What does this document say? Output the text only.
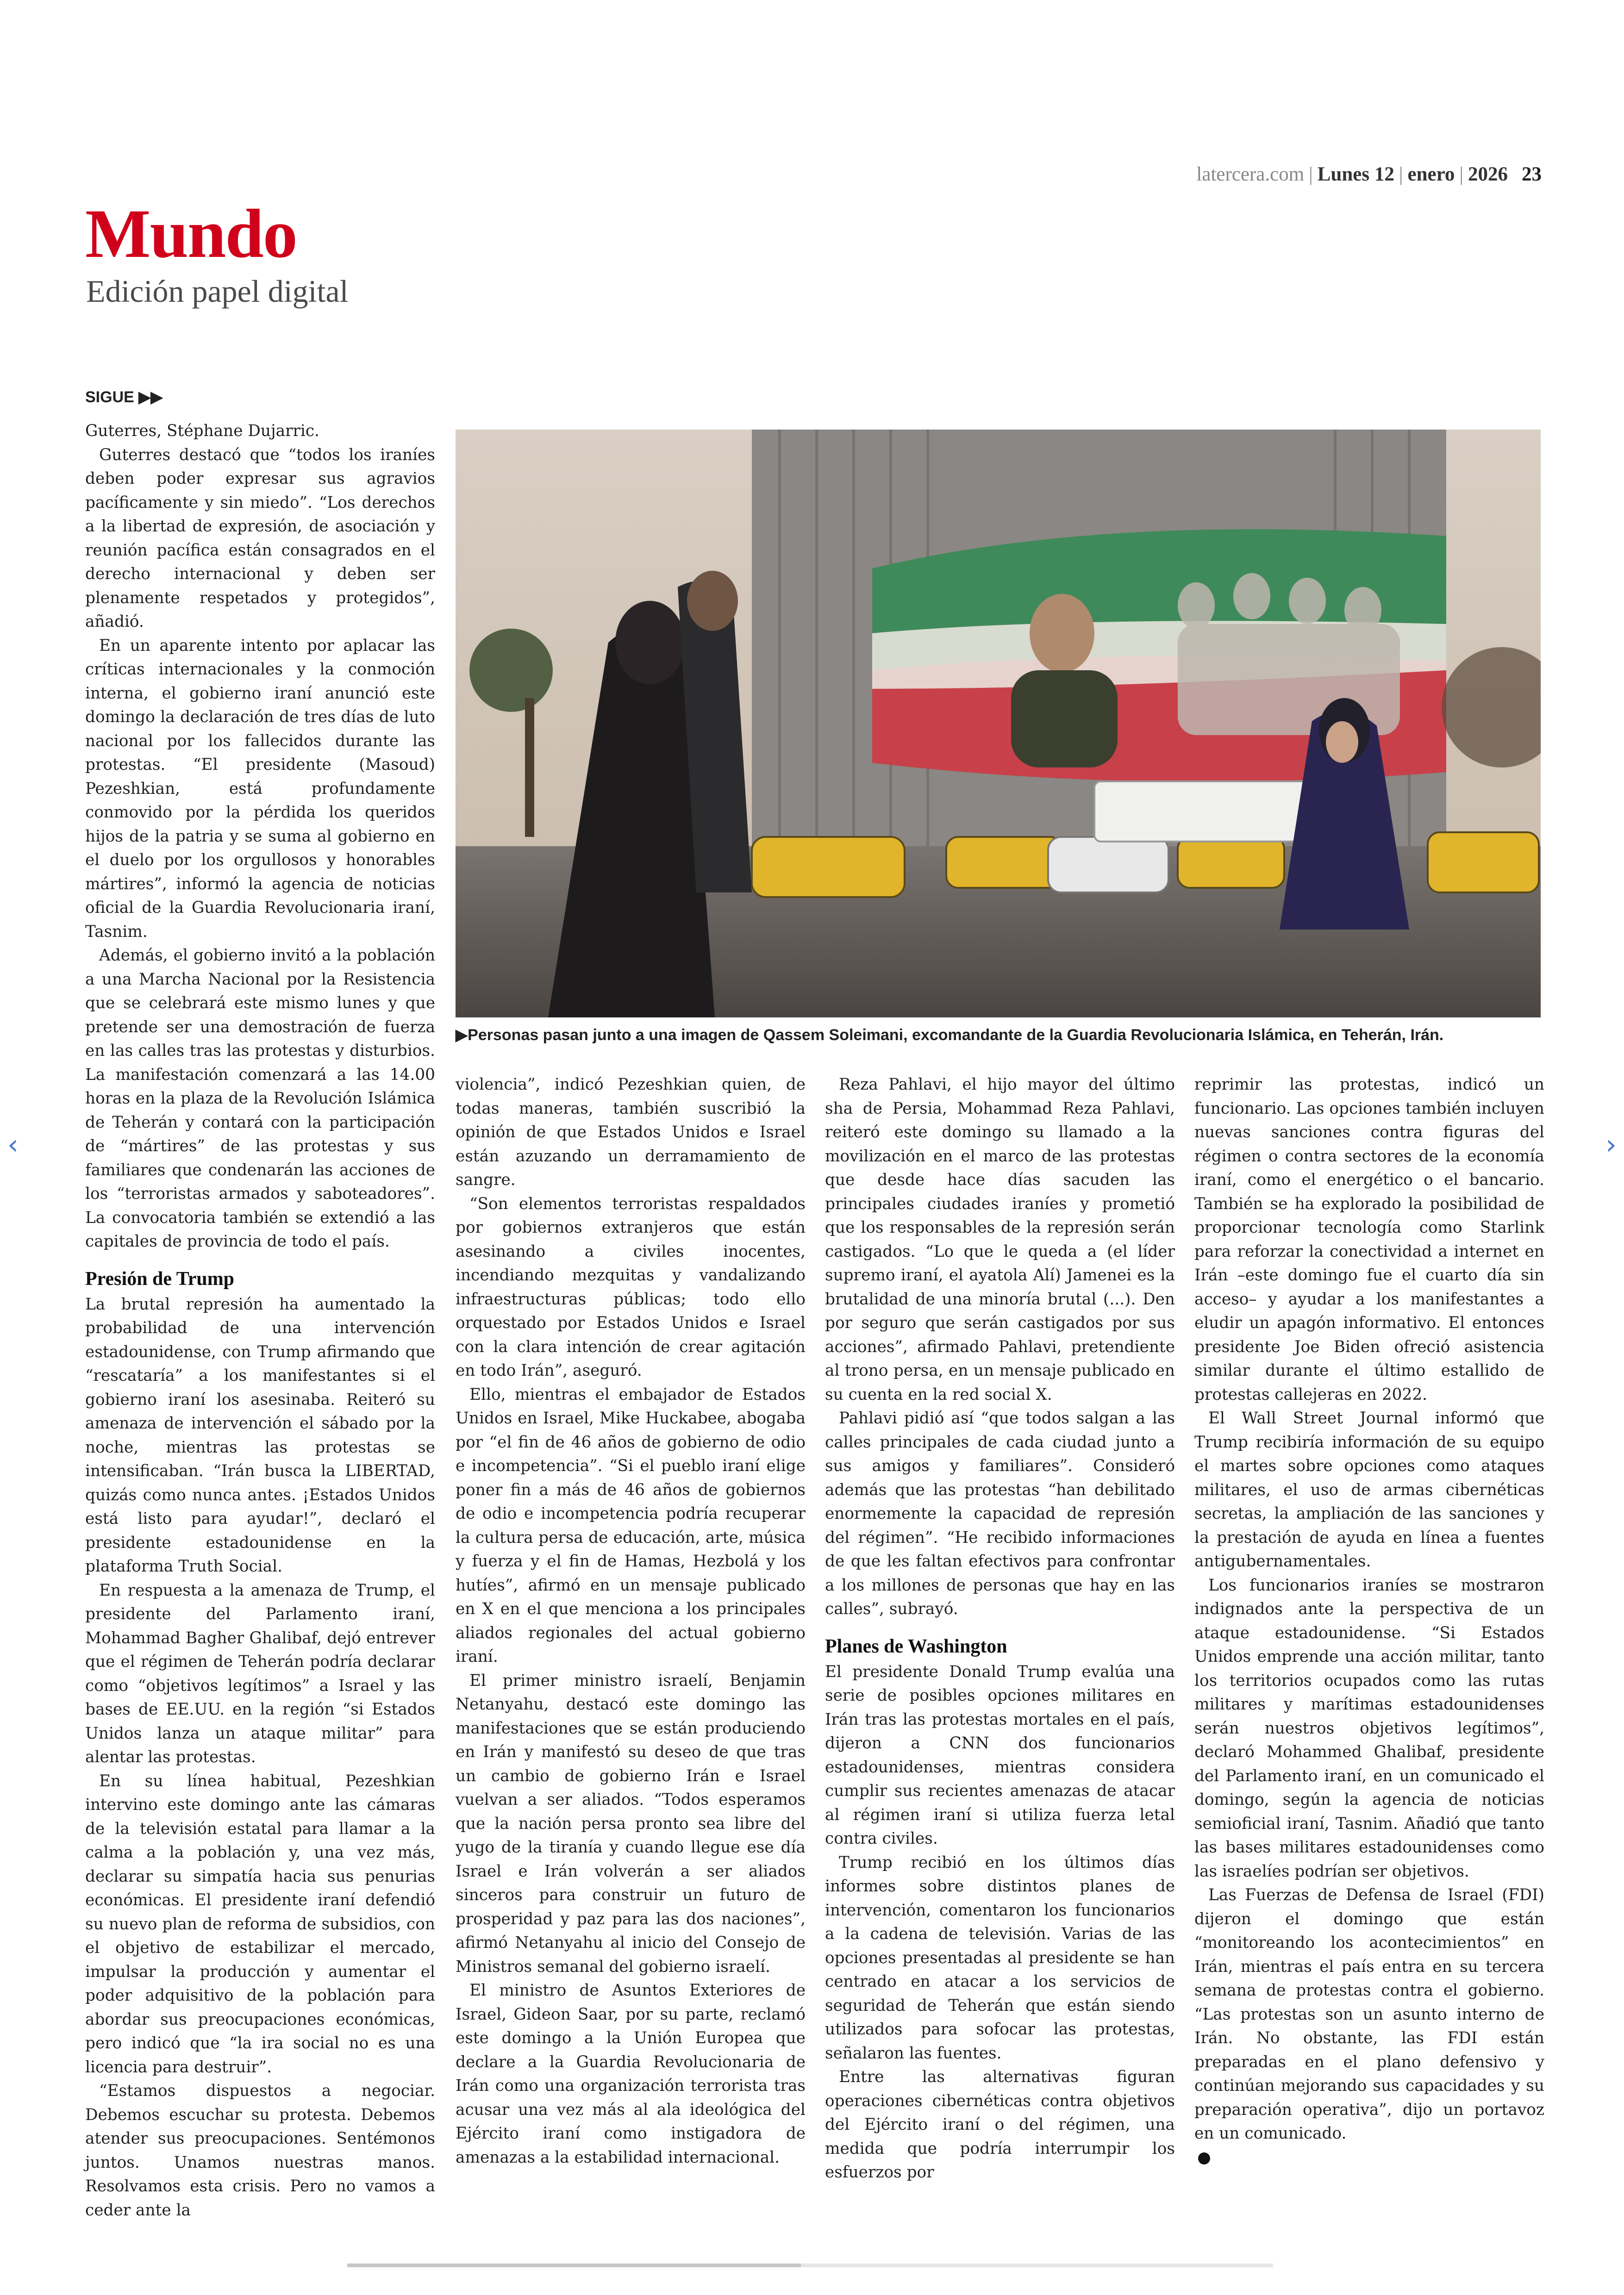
latercera.com | Lunes 12 | enero | 2026 23
Mundo
Edición papel digital
SIGUE ▶▶

Guterres, Stéphane Dujarric.

Guterres destacó que “todos los iraníes deben poder expresar sus agravios pacíficamente y sin miedo”. “Los derechos a la libertad de expresión, de asociación y reunión pacífica están consagrados en el derecho internacional y deben ser plenamente respetados y protegidos”, añadió.

En un aparente intento por aplacar las críticas internacionales y la conmoción interna, el gobierno iraní anunció este domingo la declaración de tres días de luto nacional por los fallecidos durante las protestas. “El presidente (Masoud) Pezeshkian, está profundamente conmovido por la pérdida los queridos hijos de la patria y se suma al gobierno en el duelo por los orgullosos y honorables mártires”, informó la agencia de noticias oficial de la Guardia Revolucionaria iraní, Tasnim.

Además, el gobierno invitó a la población a una Marcha Nacional por la Resistencia que se celebrará este mismo lunes y que pretende ser una demostración de fuerza en las calles tras las protestas y disturbios. La manifestación comenzará a las 14.00 horas en la plaza de la Revolución Islámica de Teherán y contará con la participación de “mártires” de las protestas y sus familiares que condenarán las acciones de los “terroristas armados y saboteadores”. La convocatoria también se extendió a las capitales de provincia de todo el país.

Presión de Trump

La brutal represión ha aumentado la probabilidad de una intervención estadounidense, con Trump afirmando que “rescataría” a los manifestantes si el gobierno iraní los asesinaba. Reiteró su amenaza de intervención el sábado por la noche, mientras las protestas se intensificaban. “Irán busca la LIBERTAD, quizás como nunca antes. ¡Estados Unidos está listo para ayudar!”, declaró el presidente estadounidense en la plataforma Truth Social.

En respuesta a la amenaza de Trump, el presidente del Parlamento iraní, Mohammad Bagher Ghalibaf, dejó entrever que el régimen de Teherán podría declarar como “objetivos legítimos” a Israel y las bases de EE.UU. en la región “si Estados Unidos lanza un ataque militar” para alentar las protestas.

En su línea habitual, Pezeshkian intervino este domingo ante las cámaras de la televisión estatal para llamar a la calma a la población y, una vez más, declarar su simpatía hacia sus penurias económicas. El presidente iraní defendió su nuevo plan de reforma de subsidios, con el objetivo de estabilizar el mercado, impulsar la producción y aumentar el poder adquisitivo de la población para abordar sus preocupaciones económicas, pero indicó que “la ira social no es una licencia para destruir”.

“Estamos dispuestos a negociar. Debemos escuchar su protesta. Debemos atender sus preocupaciones. Sentémonos juntos. Unamos nuestras manos. Resolvamos esta crisis. Pero no vamos a ceder ante la

▶Personas pasan junto a una imagen de Qassem Soleimani, excomandante de la Guardia Revolucionaria Islámica, en Teherán, Irán.

violencia”, indicó Pezeshkian quien, de todas maneras, también suscribió la opinión de que Estados Unidos e Israel están azuzando un derramamiento de sangre.

“Son elementos terroristas respaldados por gobiernos extranjeros que están asesinando a civiles inocentes, incendiando mezquitas y vandalizando infraestructuras públicas; todo ello orquestado por Estados Unidos e Israel con la clara intención de crear agitación en todo Irán”, aseguró.

Ello, mientras el embajador de Estados Unidos en Israel, Mike Huckabee, abogaba por “el fin de 46 años de gobierno de odio e incompetencia”. “Si el pueblo iraní elige poner fin a más de 46 años de gobiernos de odio e incompetencia podría recuperar la cultura persa de educación, arte, música y fuerza y el fin de Hamas, Hezbolá y los hutíes”, afirmó en un mensaje publicado en X en el que menciona a los principales aliados regionales del actual gobierno iraní.

El primer ministro israelí, Benjamin Netanyahu, destacó este domingo las manifestaciones que se están produciendo en Irán y manifestó su deseo de que tras un cambio de gobierno Irán e Israel vuelvan a ser aliados. “Todos esperamos que la nación persa pronto sea libre del yugo de la tiranía y cuando llegue ese día Israel e Irán volverán a ser aliados sinceros para construir un futuro de prosperidad y paz para las dos naciones”, afirmó Netanyahu al inicio del Consejo de Ministros semanal del gobierno israelí.

El ministro de Asuntos Exteriores de Israel, Gideon Saar, por su parte, reclamó este domingo a la Unión Europea que declare a la Guardia Revolucionaria de Irán como una organización terrorista tras acusar una vez más al ala ideológica del Ejército iraní como instigadora de amenazas a la estabilidad internacional.

Reza Pahlavi, el hijo mayor del último sha de Persia, Mohammad Reza Pahlavi, reiteró este domingo su llamado a la movilización en el marco de las protestas que desde hace días sacuden las principales ciudades iraníes y prometió que los responsables de la represión serán castigados. “Lo que le queda a (el líder supremo iraní, el ayatola Alí) Jamenei es la brutalidad de una minoría brutal (...). Den por seguro que serán castigados por sus acciones”, afirmado Pahlavi, pretendiente al trono persa, en un mensaje publicado en su cuenta en la red social X.

Pahlavi pidió así “que todos salgan a las calles principales de cada ciudad junto a sus amigos y familiares”. Consideró además que las protestas “han debilitado enormemente la capacidad de represión del régimen”. “He recibido informaciones de que les faltan efectivos para confrontar a los millones de personas que hay en las calles”, subrayó.

Planes de Washington

El presidente Donald Trump evalúa una serie de posibles opciones militares en Irán tras las protestas mortales en el país, dijeron a CNN dos funcionarios estadounidenses, mientras considera cumplir sus recientes amenazas de atacar al régimen iraní si utiliza fuerza letal contra civiles.

Trump recibió en los últimos días informes sobre distintos planes de intervención, comentaron los funcionarios a la cadena de televisión. Varias de las opciones presentadas al presidente se han centrado en atacar a los servicios de seguridad de Teherán que están siendo utilizados para sofocar las protestas, señalaron las fuentes.

Entre las alternativas figuran operaciones cibernéticas contra objetivos del Ejército iraní o del régimen, una medida que podría interrumpir los esfuerzos por

reprimir las protestas, indicó un funcionario. Las opciones también incluyen nuevas sanciones contra figuras del régimen o contra sectores de la economía iraní, como el energético o el bancario. También se ha explorado la posibilidad de proporcionar tecnología como Starlink para reforzar la conectividad a internet en Irán –este domingo fue el cuarto día sin acceso– y ayudar a los manifestantes a eludir un apagón informativo. El entonces presidente Joe Biden ofreció asistencia similar durante el último estallido de protestas callejeras en 2022.

El Wall Street Journal informó que Trump recibiría información de su equipo el martes sobre opciones como ataques militares, el uso de armas cibernéticas secretas, la ampliación de las sanciones y la prestación de ayuda en línea a fuentes antigubernamentales.

Los funcionarios iraníes se mostraron indignados ante la perspectiva de un ataque estadounidense. “Si Estados Unidos emprende una acción militar, tanto los territorios ocupados como las rutas militares y marítimas estadounidenses serán nuestros objetivos legítimos”, declaró Mohammed Ghalibaf, presidente del Parlamento iraní, en un comunicado el domingo, según la agencia de noticias semioficial iraní, Tasnim. Añadió que tanto las bases militares estadounidenses como las israelíes podrían ser objetivos.

Las Fuerzas de Defensa de Israel (FDI) dijeron el domingo que están “monitoreando los acontecimientos” en Irán, mientras el país entra en su tercera semana de protestas contra el gobierno. “Las protestas son un asunto interno de Irán. No obstante, las FDI están preparadas en el plano defensivo y continúan mejorando sus capacidades y su preparación operativa”, dijo un portavoz en un comunicado.

‹	›
